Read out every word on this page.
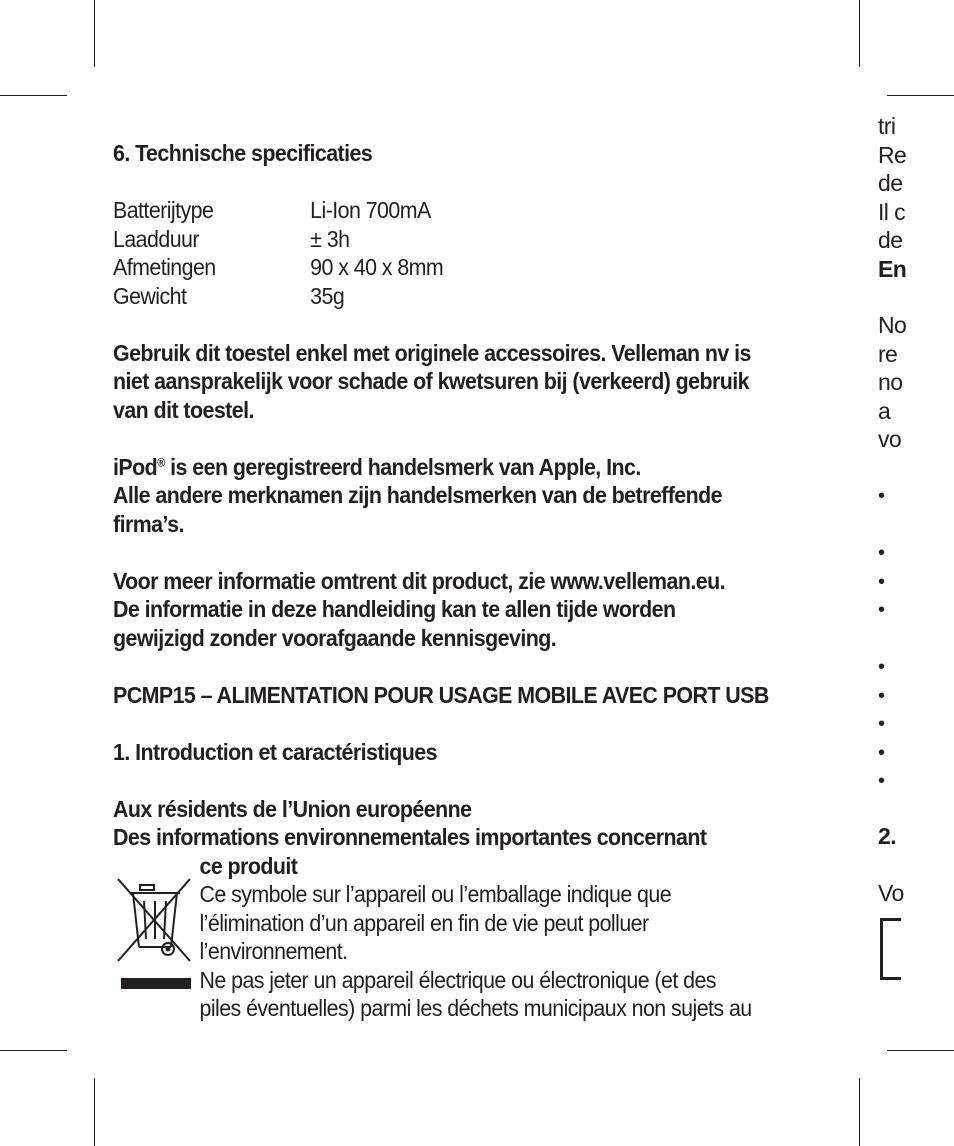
6. Technische specificaties

Batterijtype	Li-Ion 700mA
Laadduur	± 3h
Afmetingen	90 x 40 x 8mm
Gewicht	35g

Gebruik dit toestel enkel met originele accessoires. Velleman nv is

niet aansprakelijk voor schade of kwetsuren bij (verkeerd) gebruik

van dit toestel.

iPod® is een geregistreerd handelsmerk van Apple, Inc.

Alle andere merknamen zijn handelsmerken van de betreffende

firma’s.

Voor meer informatie omtrent dit product, zie www.velleman.eu.

De informatie in deze handleiding kan te allen tijde worden

gewijzigd zonder voorafgaande kennisgeving.

PCMP15 – ALIMENTATION POUR USAGE MOBILE AVEC PORT USB

1. Introduction et caractéristiques

Aux résidents de l’Union européenne

Des informations environnementales importantes concernant

ce produit

Ce symbole sur l’appareil ou l’emballage indique que

l’élimination d’un appareil en fin de vie peut polluer

l’environnement.

Ne pas jeter un appareil électrique ou électronique (et des

piles éventuelles) parmi les déchets municipaux non sujets au

tri
Re
de
Il c
de
En
No
re
no
a
vo
•
•
•
•
•
•
•
•
•
2.
Vo
